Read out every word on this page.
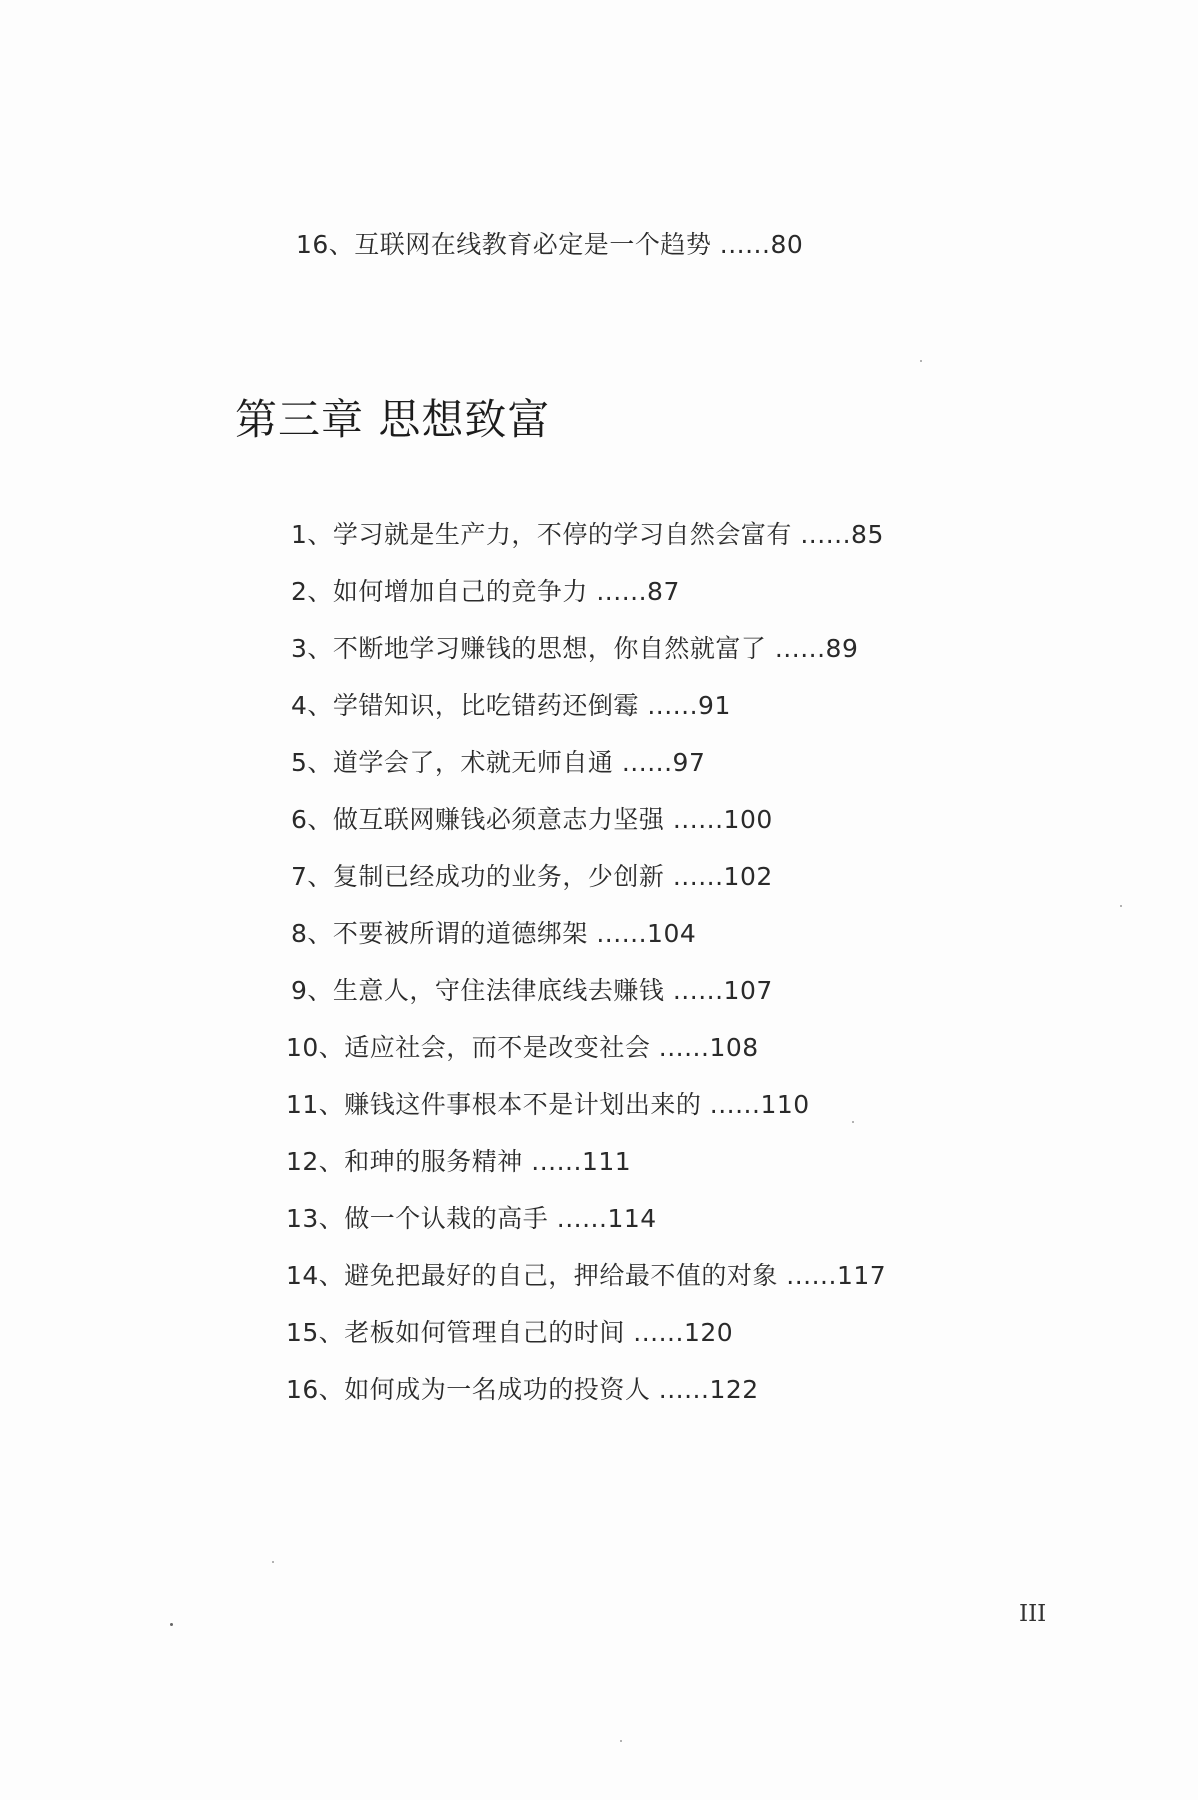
16、互联网在线教育必定是一个趋势 ......80
第三章 思想致富
1、学习就是生产力，不停的学习自然会富有 ......85
2、如何增加自己的竞争力 ......87
3、不断地学习赚钱的思想，你自然就富了 ......89
4、学错知识，比吃错药还倒霉 ......91
5、道学会了，术就无师自通 ......97
6、做互联网赚钱必须意志力坚强 ......100
7、复制已经成功的业务，少创新 ......102
8、不要被所谓的道德绑架 ......104
9、生意人，守住法律底线去赚钱 ......107
10、适应社会，而不是改变社会 ......108
11、赚钱这件事根本不是计划出来的 ......110
12、和珅的服务精神 ......111
13、做一个认栽的高手 ......114
14、避免把最好的自己，押给最不值的对象 ......117
15、老板如何管理自己的时间 ......120
16、如何成为一名成功的投资人 ......122
III
